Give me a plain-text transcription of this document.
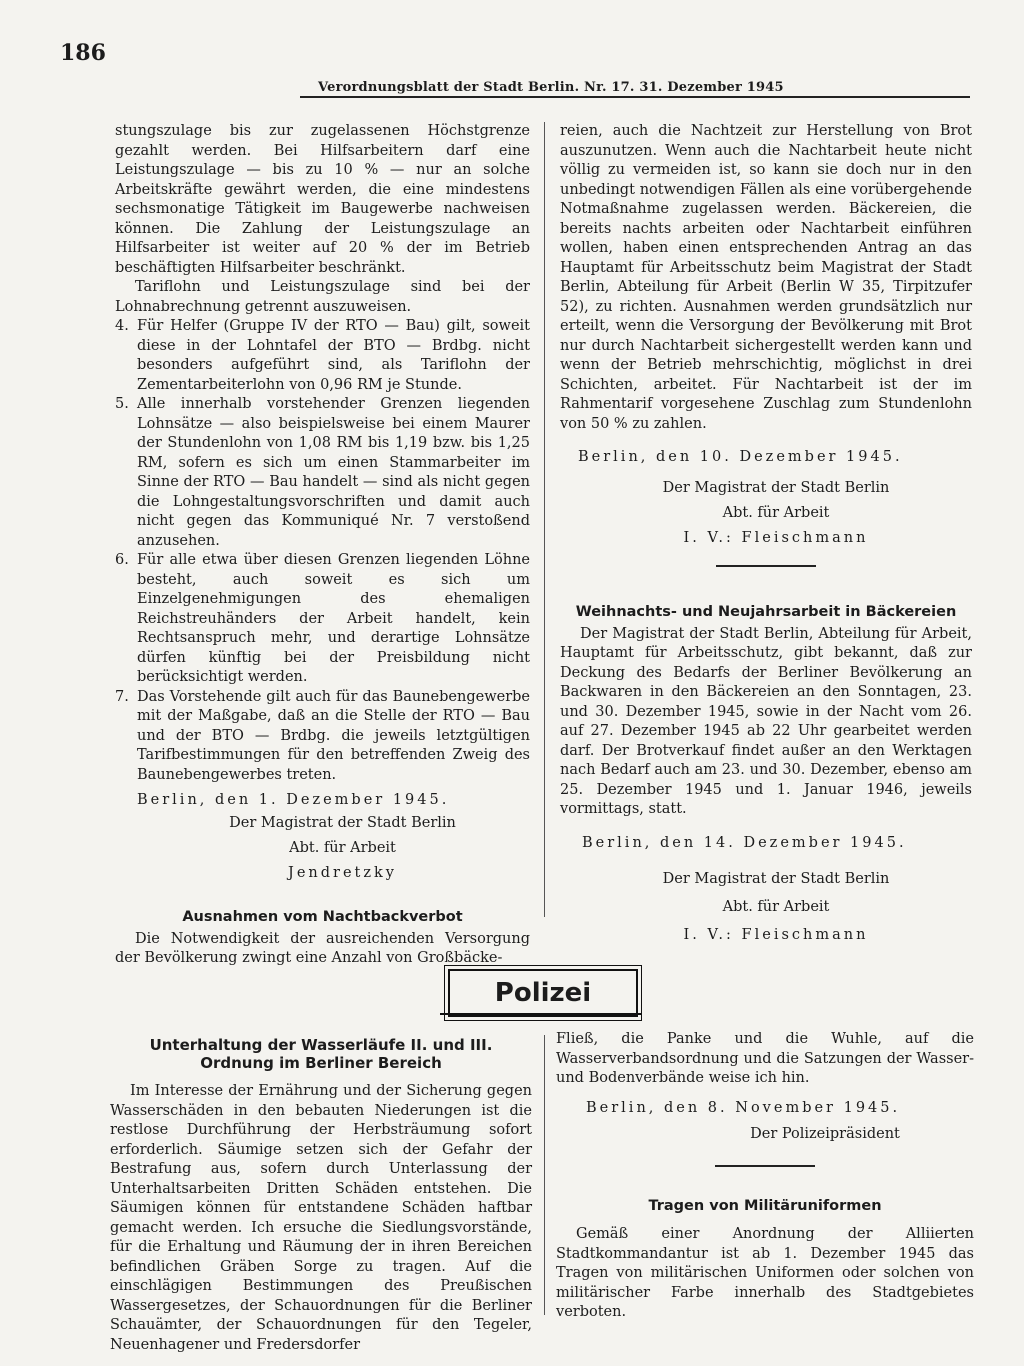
186
Verordnungsblatt der Stadt Berlin. Nr. 17. 31. Dezember 1945

stungszulage bis zur zugelassenen Höchstgrenze gezahlt werden. Bei Hilfsarbeitern darf eine Leistungszulage — bis zu 10 % — nur an solche Arbeitskräfte gewährt werden, die eine mindestens sechsmonatige Tätigkeit im Baugewerbe nachweisen können. Die Zahlung der Leistungszulage an Hilfsarbeiter ist weiter auf 20 % der im Betrieb beschäftigten Hilfsarbeiter beschränkt.

Tariflohn und Leistungszulage sind bei der Lohnabrechnung getrennt auszuweisen.

4. Für Helfer (Gruppe IV der RTO — Bau) gilt, soweit diese in der Lohntafel der BTO — Brdbg. nicht besonders aufgeführt sind, als Tariflohn der Zementarbeiterlohn von 0,96 RM je Stunde.
5. Alle innerhalb vorstehender Grenzen liegenden Lohnsätze — also beispielsweise bei einem Maurer der Stundenlohn von 1,08 RM bis 1,19 bzw. bis 1,25 RM, sofern es sich um einen Stammarbeiter im Sinne der RTO — Bau handelt — sind als nicht gegen die Lohngestaltungsvorschriften und damit auch nicht gegen das Kommuniqué Nr. 7 verstoßend anzusehen.
6. Für alle etwa über diesen Grenzen liegenden Löhne besteht, auch soweit es sich um Einzelgenehmigungen des ehemaligen Reichstreuhänders der Arbeit handelt, kein Rechtsanspruch mehr, und derartige Lohnsätze dürfen künftig bei der Preisbildung nicht berücksichtigt werden.
7. Das Vorstehende gilt auch für das Baunebengewerbe mit der Maßgabe, daß an die Stelle der RTO — Bau und der BTO — Brdbg. die jeweils letztgültigen Tarifbestimmungen für den betreffenden Zweig des Baunebengewerbes treten.

Berlin, den 1. Dezember 1945.

Der Magistrat der Stadt Berlin
Abt. für Arbeit
Jendretzky
Ausnahmen vom Nachtbackverbot

Die Notwendigkeit der ausreichenden Versorgung der Bevölkerung zwingt eine Anzahl von Großbäcke-

reien, auch die Nachtzeit zur Herstellung von Brot auszunutzen. Wenn auch die Nachtarbeit heute nicht völlig zu vermeiden ist, so kann sie doch nur in den unbedingt notwendigen Fällen als eine vorübergehende Notmaßnahme zugelassen werden. Bäckereien, die bereits nachts arbeiten oder Nachtarbeit einführen wollen, haben einen entsprechenden Antrag an das Hauptamt für Arbeitsschutz beim Magistrat der Stadt Berlin, Abteilung für Arbeit (Berlin W 35, Tirpitzufer 52), zu richten. Ausnahmen werden grundsätzlich nur erteilt, wenn die Versorgung der Bevölkerung mit Brot nur durch Nachtarbeit sichergestellt werden kann und wenn der Betrieb mehrschichtig, möglichst in drei Schichten, arbeitet. Für Nachtarbeit ist der im Rahmentarif vorgesehene Zuschlag zum Stundenlohn von 50 % zu zahlen.

Berlin, den 10. Dezember 1945.

Der Magistrat der Stadt Berlin
Abt. für Arbeit
I. V.: Fleischmann
Weihnachts- und Neujahrsarbeit in Bäckereien

Der Magistrat der Stadt Berlin, Abteilung für Arbeit, Hauptamt für Arbeitsschutz, gibt bekannt, daß zur Deckung des Bedarfs der Berliner Bevölkerung an Backwaren in den Bäckereien an den Sonntagen, 23. und 30. Dezember 1945, sowie in der Nacht vom 26. auf 27. Dezember 1945 ab 22 Uhr gearbeitet werden darf. Der Brotverkauf findet außer an den Werktagen nach Bedarf auch am 23. und 30. Dezember, ebenso am 25. Dezember 1945 und 1. Januar 1946, jeweils vormittags, statt.

Berlin, den 14. Dezember 1945.

Der Magistrat der Stadt Berlin
Abt. für Arbeit
I. V.: Fleischmann
Polizei
Unterhaltung der Wasserläufe II. und III. Ordnung im Berliner Bereich

Im Interesse der Ernährung und der Sicherung gegen Wasserschäden in den bebauten Niederungen ist die restlose Durchführung der Herbsträumung sofort erforderlich. Säumige setzen sich der Gefahr der Bestrafung aus, sofern durch Unterlassung der Unterhaltsarbeiten Dritten Schäden entstehen. Die Säumigen können für entstandene Schäden haftbar gemacht werden. Ich ersuche die Siedlungsvorstände, für die Erhaltung und Räumung der in ihren Bereichen befindlichen Gräben Sorge zu tragen. Auf die einschlägigen Bestimmungen des Preußischen Wassergesetzes, der Schauordnungen für die Berliner Schauämter, der Schauordnungen für den Tegeler, Neuenhagener und Fredersdorfer

Fließ, die Panke und die Wuhle, auf die Wasserverbandsordnung und die Satzungen der Wasser- und Bodenverbände weise ich hin.

Berlin, den 8. November 1945.

Der Polizeipräsident
Tragen von Militäruniformen

Gemäß einer Anordnung der Alliierten Stadtkommandantur ist ab 1. Dezember 1945 das Tragen von militärischen Uniformen oder solchen von militärischer Farbe innerhalb des Stadtgebietes verboten.
